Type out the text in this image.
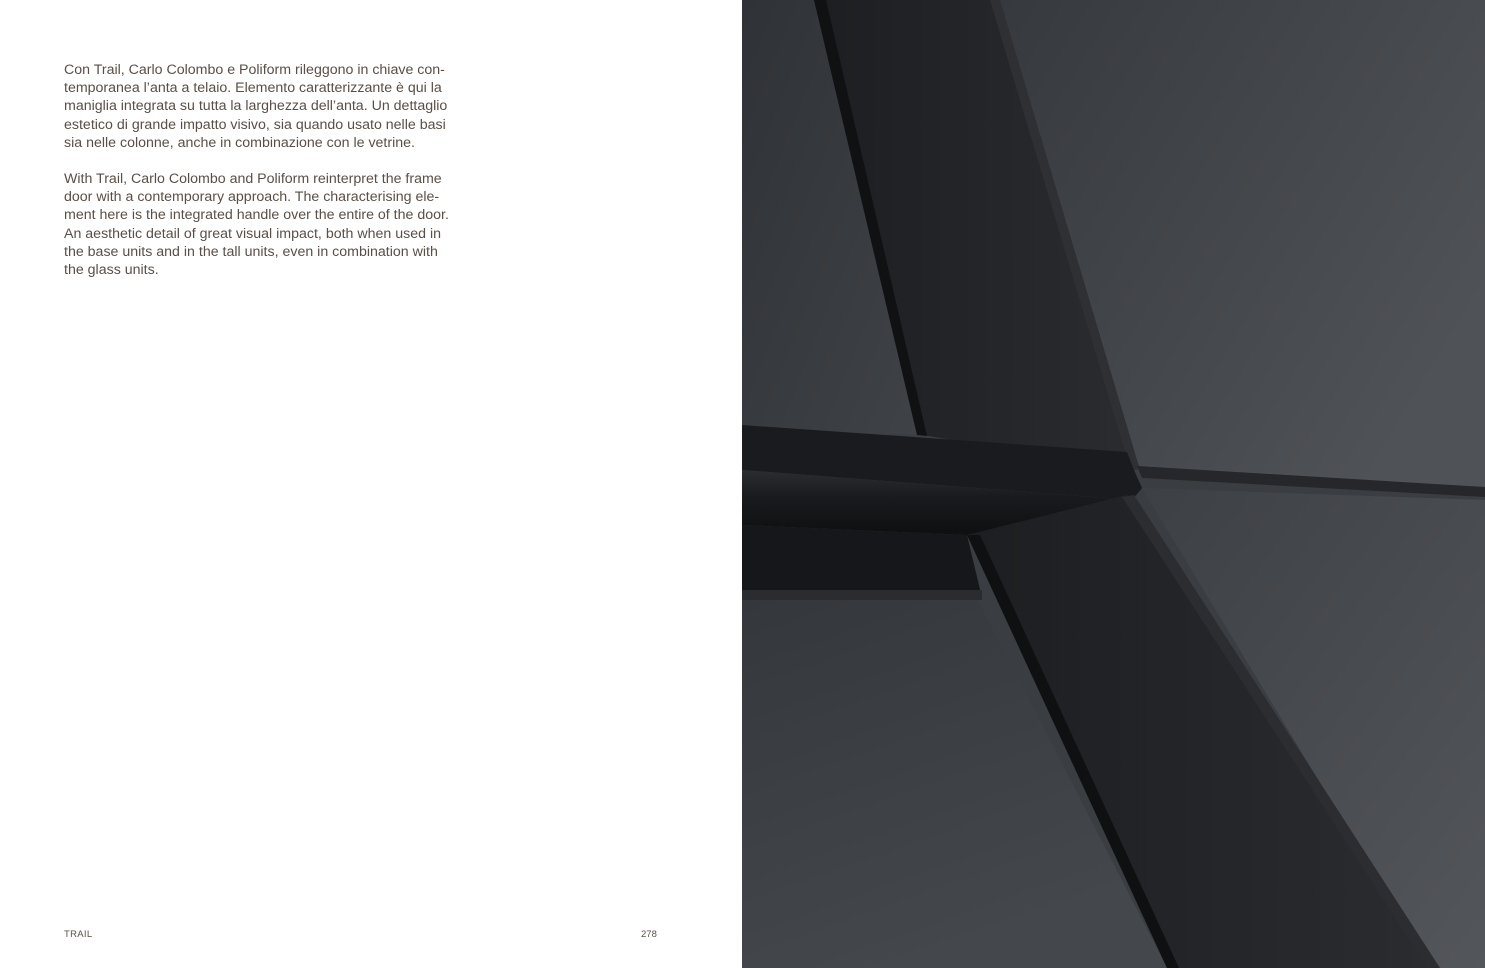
Con Trail, Carlo Colombo e Poliform rileggono in chiave con-
temporanea l’anta a telaio. Elemento caratterizzante è qui la
maniglia integrata su tutta la larghezza dell’anta. Un dettaglio
estetico di grande impatto visivo, sia quando usato nelle basi
sia nelle colonne, anche in combinazione con le vetrine.

With Trail, Carlo Colombo and Poliform reinterpret the frame
door with a contemporary approach. The characterising ele-
ment here is the integrated handle over the entire of the door.
An aesthetic detail of great visual impact, both when used in
the base units and in the tall units, even in combination with
the glass units.

TRAIL	278
